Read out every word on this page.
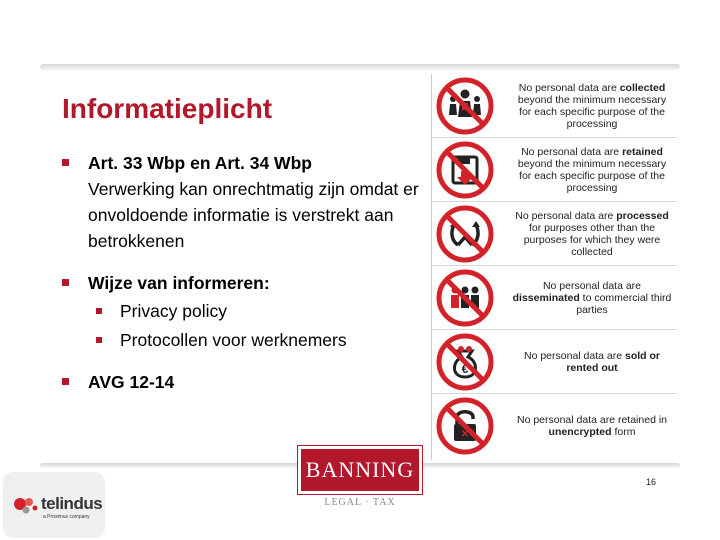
Informatieplicht
Art. 33 Wbp en Art. 34 Wbp
Verwerking kan onrechtmatig zijn omdat er onvoldoende informatie is verstrekt aan betrokkenen
Wijze van informeren:
Privacy policy
Protocollen voor werknemers
AVG 12-14
No personal data are collected beyond the minimum necessary for each specific purpose of the processing
No personal data are retained beyond the minimum necessary for each specific purpose of the processing
No personal data are processed for purposes other than the purposes for which they were collected
No personal data are disseminated to commercial third parties
€
No personal data are sold or rented out
✕
No personal data are retained in unencrypted form
BANNING
LEGAL · TAX
16
telindus
a Proximus company
